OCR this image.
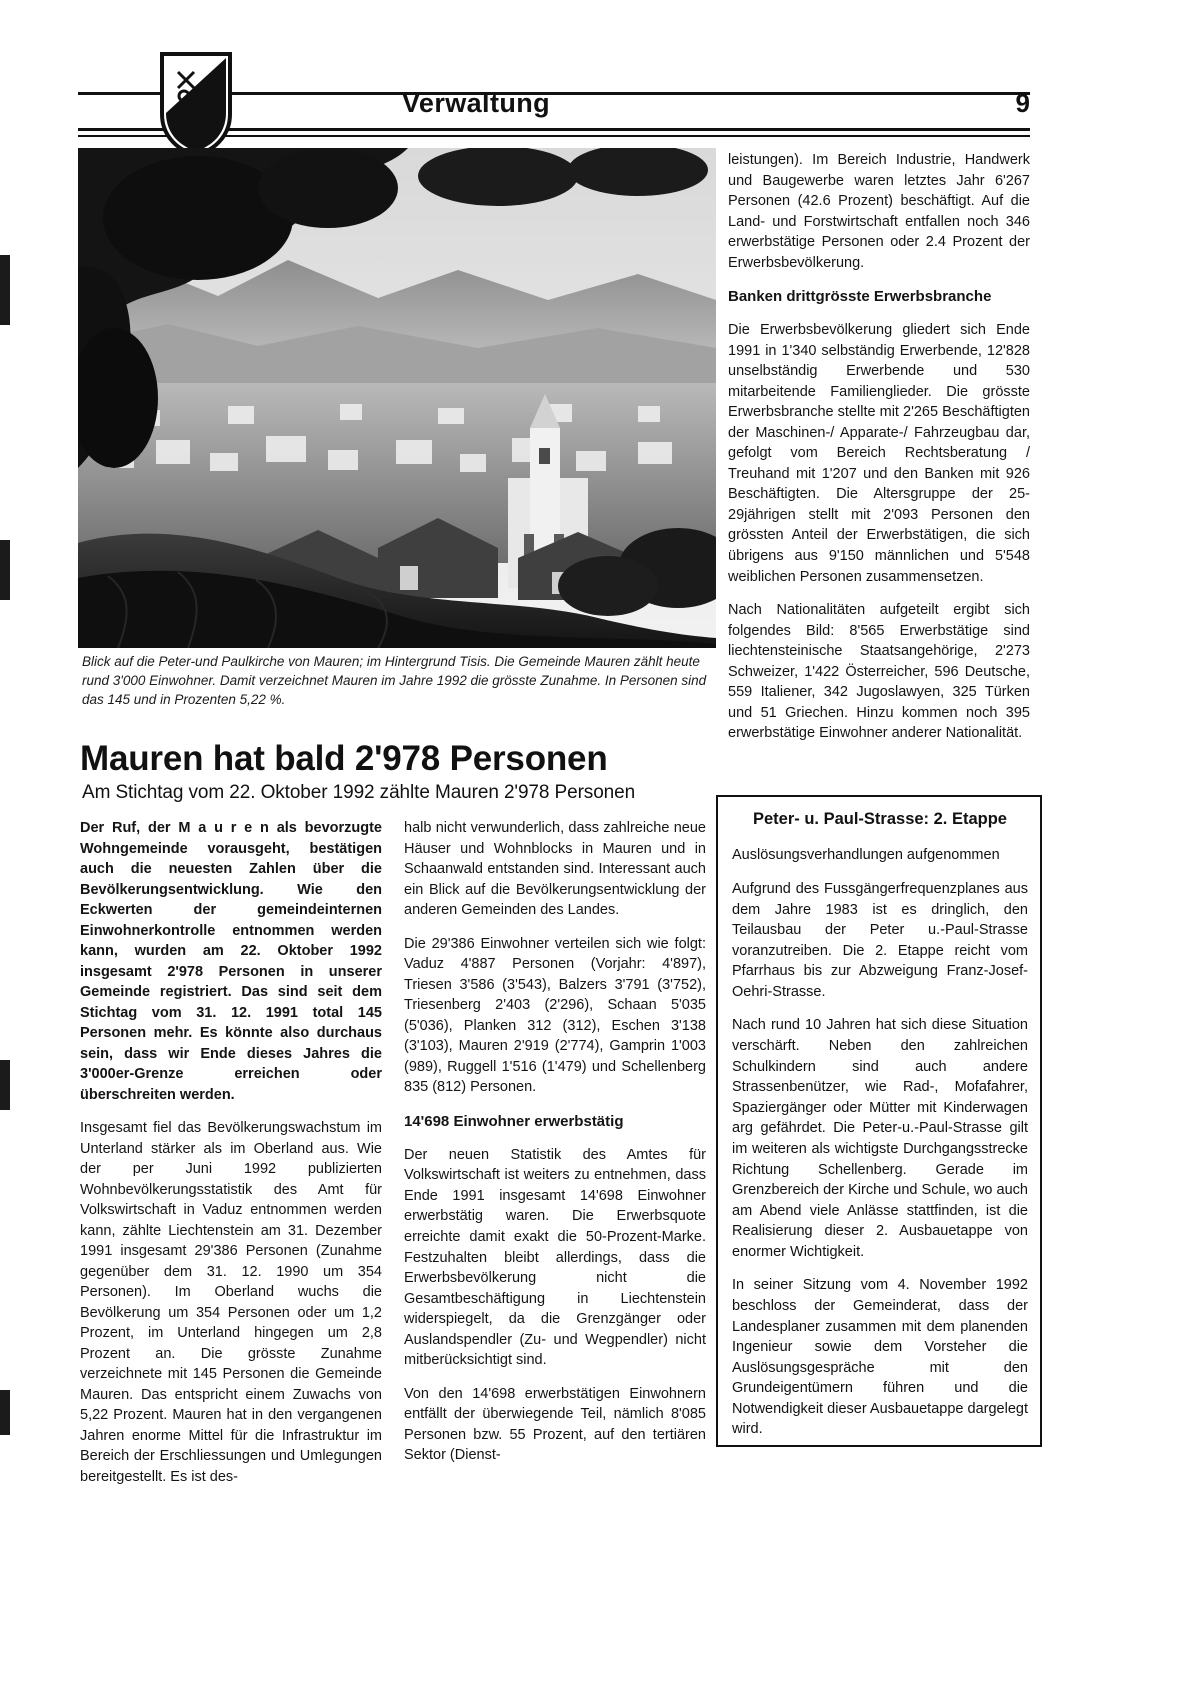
Verwaltung	9
Blick auf die Peter-und Paulkirche von Mauren; im Hintergrund Tisis. Die Gemeinde Mauren zählt heute rund 3'000 Einwohner. Damit verzeichnet Mauren im Jahre 1992 die grösste Zunahme. In Personen sind das 145 und in Prozenten 5,22 %.
Mauren hat bald 2'978 Personen
Am Stichtag vom 22. Oktober 1992 zählte Mauren 2'978 Personen

Der Ruf, der M a u r e n als bevorzugte Wohngemeinde vorausgeht, bestätigen auch die neuesten Zahlen über die Bevölkerungsentwicklung. Wie den Eckwerten der gemeindeinternen Einwohnerkontrolle entnommen werden kann, wurden am 22. Oktober 1992 insgesamt 2'978 Personen in unserer Gemeinde registriert. Das sind seit dem Stichtag vom 31. 12. 1991 total 145 Personen mehr. Es könnte also durchaus sein, dass wir Ende dieses Jahres die 3'000er-Grenze erreichen oder überschreiten werden.

Insgesamt fiel das Bevölkerungswachstum im Unterland stärker als im Oberland aus. Wie der per Juni 1992 publizierten Wohnbevölkerungsstatistik des Amt für Volkswirtschaft in Vaduz entnommen werden kann, zählte Liechtenstein am 31. Dezember 1991 insgesamt 29'386 Personen (Zunahme gegenüber dem 31. 12. 1990 um 354 Personen). Im Oberland wuchs die Bevölkerung um 354 Personen oder um 1,2 Prozent, im Unterland hingegen um 2,8 Prozent an. Die grösste Zunahme verzeichnete mit 145 Personen die Gemeinde Mauren. Das entspricht einem Zuwachs von 5,22 Prozent. Mauren hat in den vergangenen Jahren enorme Mittel für die Infrastruktur im Bereich der Erschliessungen und Umlegungen bereitgestellt. Es ist des-

halb nicht verwunderlich, dass zahlreiche neue Häuser und Wohnblocks in Mauren und in Schaanwald entstanden sind. Interessant auch ein Blick auf die Bevölkerungsentwicklung der anderen Gemeinden des Landes.

Die 29'386 Einwohner verteilen sich wie folgt: Vaduz 4'887 Personen (Vorjahr: 4'897), Triesen 3'586 (3'543), Balzers 3'791 (3'752), Triesenberg 2'403 (2'296), Schaan 5'035 (5'036), Planken 312 (312), Eschen 3'138 (3'103), Mauren 2'919 (2'774), Gamprin 1'003 (989), Ruggell 1'516 (1'479) und Schellenberg 835 (812) Personen.

14'698 Einwohner erwerbstätig

Der neuen Statistik des Amtes für Volkswirtschaft ist weiters zu entnehmen, dass Ende 1991 insgesamt 14'698 Einwohner erwerbstätig waren. Die Erwerbsquote erreichte damit exakt die 50-Prozent-Marke. Festzuhalten bleibt allerdings, dass die Erwerbsbevölkerung nicht die Gesamtbeschäftigung in Liechtenstein widerspiegelt, da die Grenzgänger oder Auslandspendler (Zu- und Wegpendler) nicht mitberücksichtigt sind.

Von den 14'698 erwerbstätigen Einwohnern entfällt der überwiegende Teil, nämlich 8'085 Personen bzw. 55 Prozent, auf den tertiären Sektor (Dienst-

leistungen). Im Bereich Industrie, Handwerk und Baugewerbe waren letztes Jahr 6'267 Personen (42.6 Prozent) beschäftigt. Auf die Land- und Forstwirtschaft entfallen noch 346 erwerbstätige Personen oder 2.4 Prozent der Erwerbsbevölkerung.

Banken drittgrösste Erwerbsbranche

Die Erwerbsbevölkerung gliedert sich Ende 1991 in 1'340 selbständig Erwerbende, 12'828 unselbständig Erwerbende und 530 mitarbeitende Familienglieder. Die grösste Erwerbsbranche stellte mit 2'265 Beschäftigten der Maschinen-/ Apparate-/ Fahrzeugbau dar, gefolgt vom Bereich Rechtsberatung / Treuhand mit 1'207 und den Banken mit 926 Beschäftigten. Die Altersgruppe der 25-29jährigen stellt mit 2'093 Personen den grössten Anteil der Erwerbstätigen, die sich übrigens aus 9'150 männlichen und 5'548 weiblichen Personen zusammensetzen.

Nach Nationalitäten aufgeteilt ergibt sich folgendes Bild: 8'565 Erwerbstätige sind liechtensteinische Staatsangehörige, 2'273 Schweizer, 1'422 Österreicher, 596 Deutsche, 559 Italiener, 342 Jugoslawyen, 325 Türken und 51 Griechen. Hinzu kommen noch 395 erwerbstätige Einwohner anderer Nationalität.

Peter- u. Paul-Strasse: 2. Etappe

Auslösungsverhandlungen aufgenommen

Aufgrund des Fussgängerfrequenzplanes aus dem Jahre 1983 ist es dringlich, den Teilausbau der Peter u.-Paul-Strasse voranzutreiben. Die 2. Etappe reicht vom Pfarrhaus bis zur Abzweigung Franz-Josef-Oehri-Strasse.

Nach rund 10 Jahren hat sich diese Situation verschärft. Neben den zahlreichen Schulkindern sind auch andere Strassenbenützer, wie Rad-, Mofafahrer, Spaziergänger oder Mütter mit Kinderwagen arg gefährdet. Die Peter-u.-Paul-Strasse gilt im weiteren als wichtigste Durchgangsstrecke Richtung Schellenberg. Gerade im Grenzbereich der Kirche und Schule, wo auch am Abend viele Anlässe stattfinden, ist die Realisierung dieser 2. Ausbauetappe von enormer Wichtigkeit.

In seiner Sitzung vom 4. November 1992 beschloss der Gemeinderat, dass der Landesplaner zusammen mit dem planenden Ingenieur sowie dem Vorsteher die Auslösungsgespräche mit den Grundeigentümern führen und die Notwendigkeit dieser Ausbauetappe dargelegt wird.
